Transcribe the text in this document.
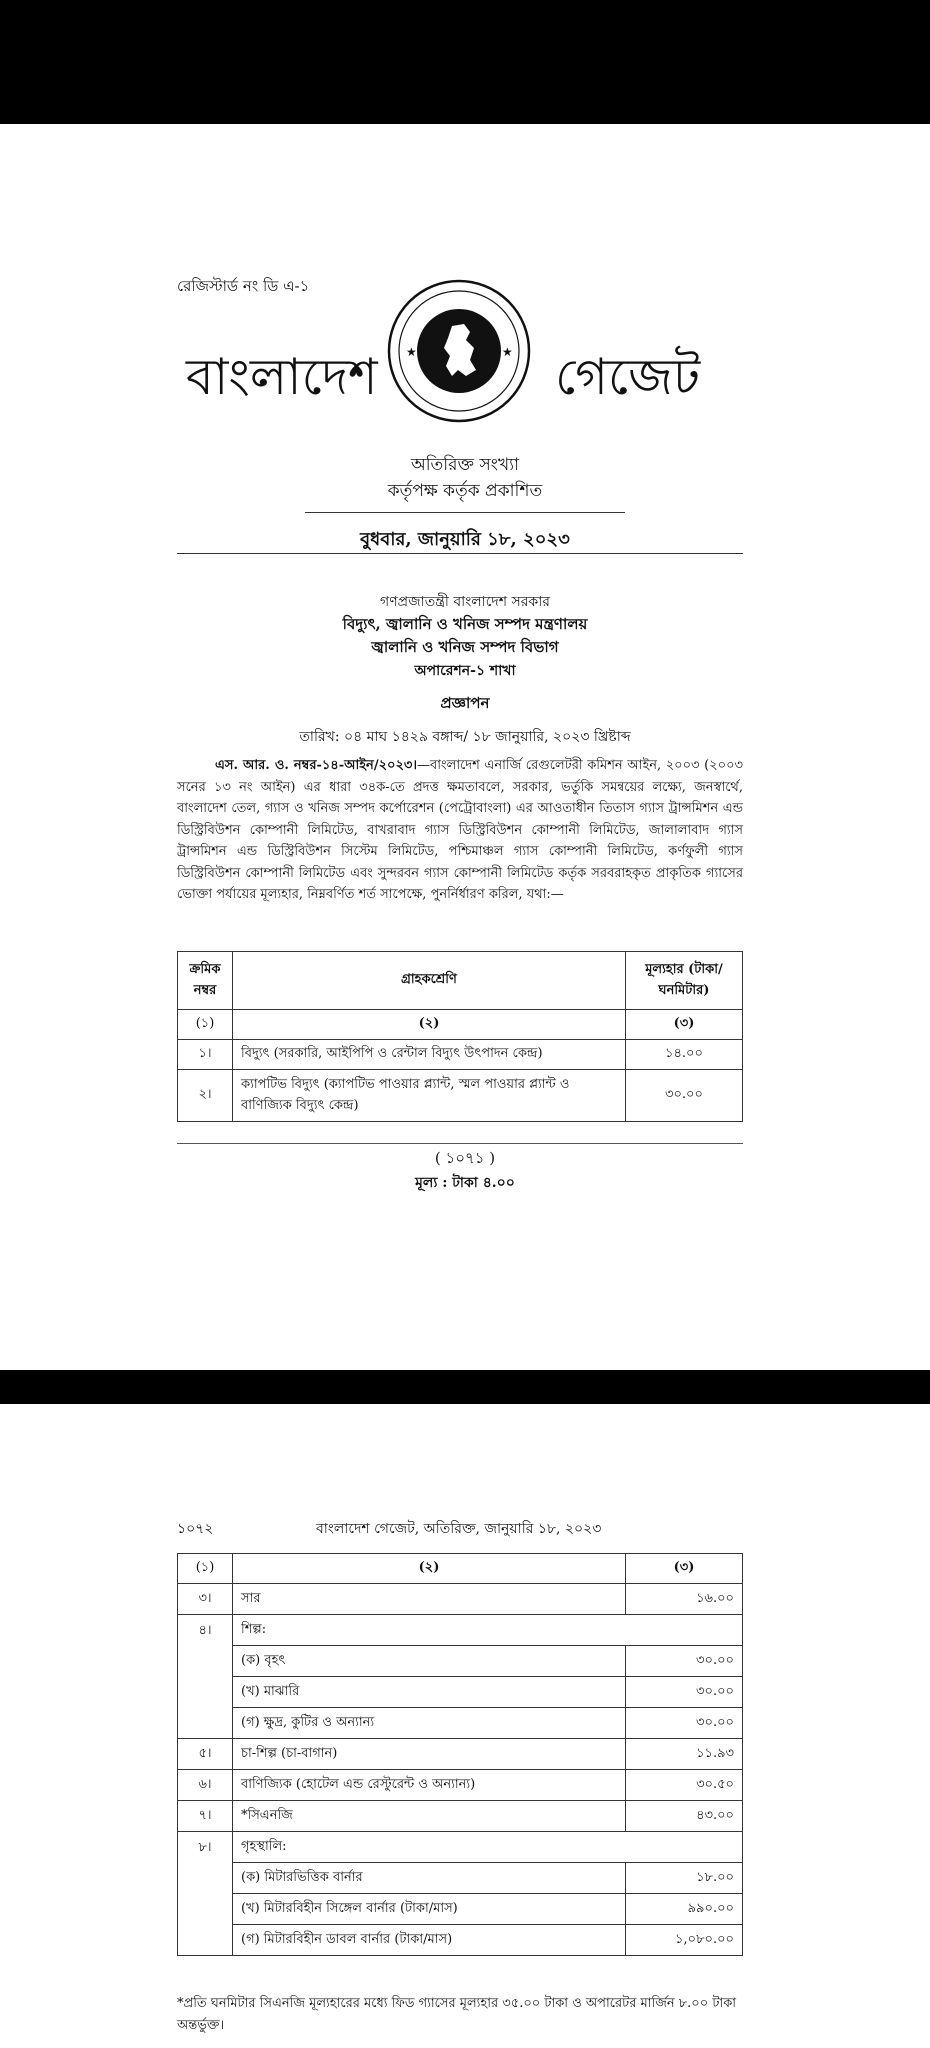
রেজিস্টার্ড নং ডি এ-১
বাংলাদেশ ★	★ গেজেট
অতিরিক্ত সংখ্যা
কর্তৃপক্ষ কর্তৃক প্রকাশিত
বুধবার, জানুয়ারি ১৮, ২০২৩
গণপ্রজাতন্ত্রী বাংলাদেশ সরকার
বিদ্যুৎ, জ্বালানি ও খনিজ সম্পদ মন্ত্রণালয়
জ্বালানি ও খনিজ সম্পদ বিভাগ
অপারেশন-১ শাখা
প্রজ্ঞাপন
তারিখ: ০৪ মাঘ ১৪২৯ বঙ্গাব্দ/ ১৮ জানুয়ারি, ২০২৩ খ্রিষ্টাব্দ
এস. আর. ও. নম্বর-১৪-আইন/২০২৩।—বাংলাদেশ এনার্জি রেগুলেটরী কমিশন আইন, ২০০৩ (২০০৩ সনের ১৩ নং আইন) এর ধারা ৩৪ক-তে প্রদত্ত ক্ষমতাবলে, সরকার, ভর্তুকি সমন্বয়ের লক্ষ্যে, জনস্বার্থে, বাংলাদেশ তেল, গ্যাস ও খনিজ সম্পদ কর্পোরেশন (পেট্রোবাংলা) এর আওতাধীন তিতাস গ্যাস ট্রান্সমিশন এন্ড ডিস্ট্রিবিউশন কোম্পানী লিমিটেড, বাখরাবাদ গ্যাস ডিস্ট্রিবিউশন কোম্পানী লিমিটেড, জালালাবাদ গ্যাস ট্রান্সমিশন এন্ড ডিস্ট্রিবিউশন সিস্টেম লিমিটেড, পশ্চিমাঞ্চল গ্যাস কোম্পানী লিমিটেড, কর্ণফুলী গ্যাস ডিস্ট্রিবিউশন কোম্পানী লিমিটেড এবং সুন্দরবন গ্যাস কোম্পানী লিমিটেড কর্তৃক সরবরাহকৃত প্রাকৃতিক গ্যাসের ভোক্তা পর্যায়ের মূল্যহার, নিম্নবর্ণিত শর্ত সাপেক্ষে, পুনর্নির্ধারণ করিল, যথা:—
ক্রমিক নম্বর	গ্রাহকশ্রেণি	মূল্যহার (টাকা/ঘনমিটার)
(১)	(২)	(৩)
১।	বিদ্যুৎ (সরকারি, আইপিপি ও রেন্টাল বিদ্যুৎ উৎপাদন কেন্দ্র)	১৪.০০
২।	ক্যাপটিভ বিদ্যুৎ (ক্যাপটিভ পাওয়ার প্ল্যান্ট, স্মল পাওয়ার প্ল্যান্ট ও বাণিজ্যিক বিদ্যুৎ কেন্দ্র)	৩০.০০
( ১০৭১ )
মূল্য : টাকা ৪.০০
১০৭২	বাংলাদেশ গেজেট, অতিরিক্ত, জানুয়ারি ১৮, ২০২৩
(১)	(২)	(৩)
৩।	সার	১৬.০০
৪।	শিল্প:	
	(ক) বৃহৎ	৩০.০০
	(খ) মাঝারি	৩০.০০
	(গ) ক্ষুদ্র, কুটির ও অন্যান্য	৩০.০০
৫।	চা-শিল্প (চা-বাগান)	১১.৯৩
৬।	বাণিজ্যিক (হোটেল এন্ড রেস্টুরেন্ট ও অন্যান্য)	৩০.৫০
৭।	*সিএনজি	৪৩.০০
৮।	গৃহস্থালি:	
	(ক) মিটারভিত্তিক বার্নার	১৮.০০
	(খ) মিটারবিহীন সিঙ্গেল বার্নার (টাকা/মাস)	৯৯০.০০
	(গ) মিটারবিহীন ডাবল বার্নার (টাকা/মাস)	১,০৮০.০০
*প্রতি ঘনমিটার সিএনজি মূল্যহারের মধ্যে ফিড গ্যাসের মূল্যহার ৩৫.০০ টাকা ও অপারেটর মার্জিন ৮.০০ টাকা অন্তর্ভুক্ত।
